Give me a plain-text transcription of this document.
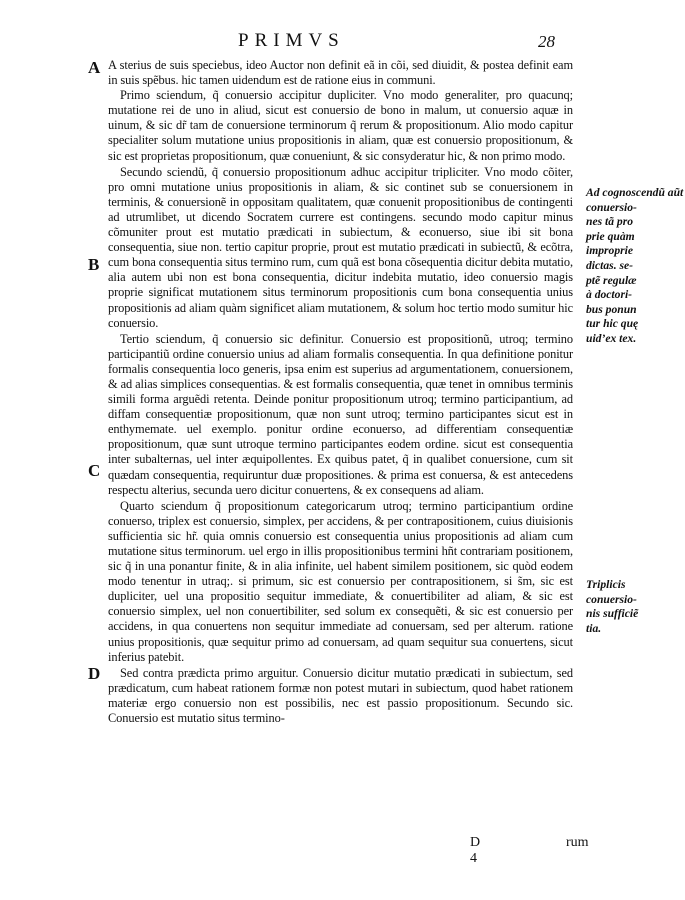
PRIMVS	28
A
B
C
D

A sterius de suis speciebus, ideo Auctor non definit eã in cõi, sed diuidit, & postea definit eam in suis spẽbus. hic tamen uidendum est de ratione eius in communi.

Primo sciendum, q̃ conuersio accipitur dupliciter. Vno modo generaliter, pro quacunq; mutatione rei de uno in aliud, sicut est conuersio de bono in malum, ut conuersio aquæ in uinum, & sic dr̃ tam de conuersione terminorum q̃ rerum & propositionum. Alio modo capitur specialiter solum mutatione unius propositionis in aliam, quæ est conuersio propositionum, & sic est proprietas propositionum, quæ conueniunt, & sic consyderatur hic, & non primo modo.

Secundo sciendũ, q̃ conuersio propositionum adhuc accipitur tripliciter. Vno modo cõiter, pro omni mutatione unius propositionis in aliam, & sic continet sub se conuersionem in terminis, & conuersionẽ in oppositam qualitatem, quæ conuenit propositionibus de contingenti ad utrumlibet, ut dicendo Socratem currere est contingens. secundo modo capitur minus cõmuniter prout est mutatio prædicati in subiectum, & econuerso, siue ibi sit bona consequentia, siue non. tertio capitur proprie, prout est mutatio prædicati in subiectũ, & ecõtra, cum bona consequentia situs termino rum, cum quã est bona cõsequentia dicitur debita mutatio, alia autem ubi non est bona consequentia, dicitur indebita mutatio, ideo conuersio magis proprie significat mutationem situs terminorum propositionis cum bona consequentia unius propositionis ad aliam quàm significet aliam mutationem, & solum hoc tertio modo sumitur hic conuersio.

Tertio sciendum, q̃ conuersio sic definitur. Conuersio est propositionũ, utroq; termino participantiũ ordine conuersio unius ad aliam formalis consequentia. In qua definitione ponitur formalis consequentia loco generis, ipsa enim est superius ad argumentationem, conuersionem, & ad alias simplices consequentias. & est formalis consequentia, quæ tenet in omnibus terminis simili forma arguẽdi retenta. Deinde ponitur propositionum utroq; termino participantium, ad diffam consequentiæ propositionum, quæ non sunt utroq; termino participantes sicut est in enthymemate. uel exemplo. ponitur ordine econuerso, ad differentiam consequentiæ propositionum, quæ sunt utroque termino participantes eodem ordine. sicut est consequentia inter subalternas, uel inter æquipollentes. Ex quibus patet, q̃ in qualibet conuersione, cum sit quædam consequentia, requiruntur duæ propositiones. & prima est conuersa, & est antecedens respectu alterius, secunda uero dicitur conuertens, & ex consequens ad aliam.

Quarto sciendum q̃ propositionum categoricarum utroq; termino participantium ordine conuerso, triplex est conuersio, simplex, per accidens, & per contrapositionem, cuius diuisionis sufficientia sic hr̃. quia omnis conuersio est consequentia unius propositionis ad aliam cum mutatione situs terminorum. uel ergo in illis propositionibus termini hñt contrariam positionem, sic q̃ in una ponantur finite, & in alia infinite, uel habent similem positionem, sic quòd eodem modo tenentur in utraq;. si primum, sic est conuersio per contrapositionem, si s̃m, sic est dupliciter, uel una propositio sequitur immediate, & conuertibiliter ad aliam, & sic est conuersio simplex, uel non conuertibiliter, sed solum ex consequẽti, & sic est conuersio per accidens, in qua conuertens non sequitur immediate ad conuersam, sed per alterum. ratione unius propositionis, quæ sequitur primo ad conuersam, ad quam sequitur sua conuertens, sicut inferius patebit.

Sed contra prædicta primo arguitur. Conuersio dicitur mutatio prædicati in subiectum, sed prædicatum, cum habeat rationem formæ non potest mutari in subiectum, quod habet rationem materiæ ergo conuersio non est possibilis, nec est passio propositionum. Secundo sic. Conuersio est mutatio situs termino-

Ad cognoscendũ aũt
conuersio-
nes tã pro
prie quàm
improprie
dictas. se-
ptẽ regulæ
à doctori-
bus ponun
tur hic quę
uid’ex tex.
Triplicis
conuersio-
nis sufficiẽ
tia.
D 4
rum
